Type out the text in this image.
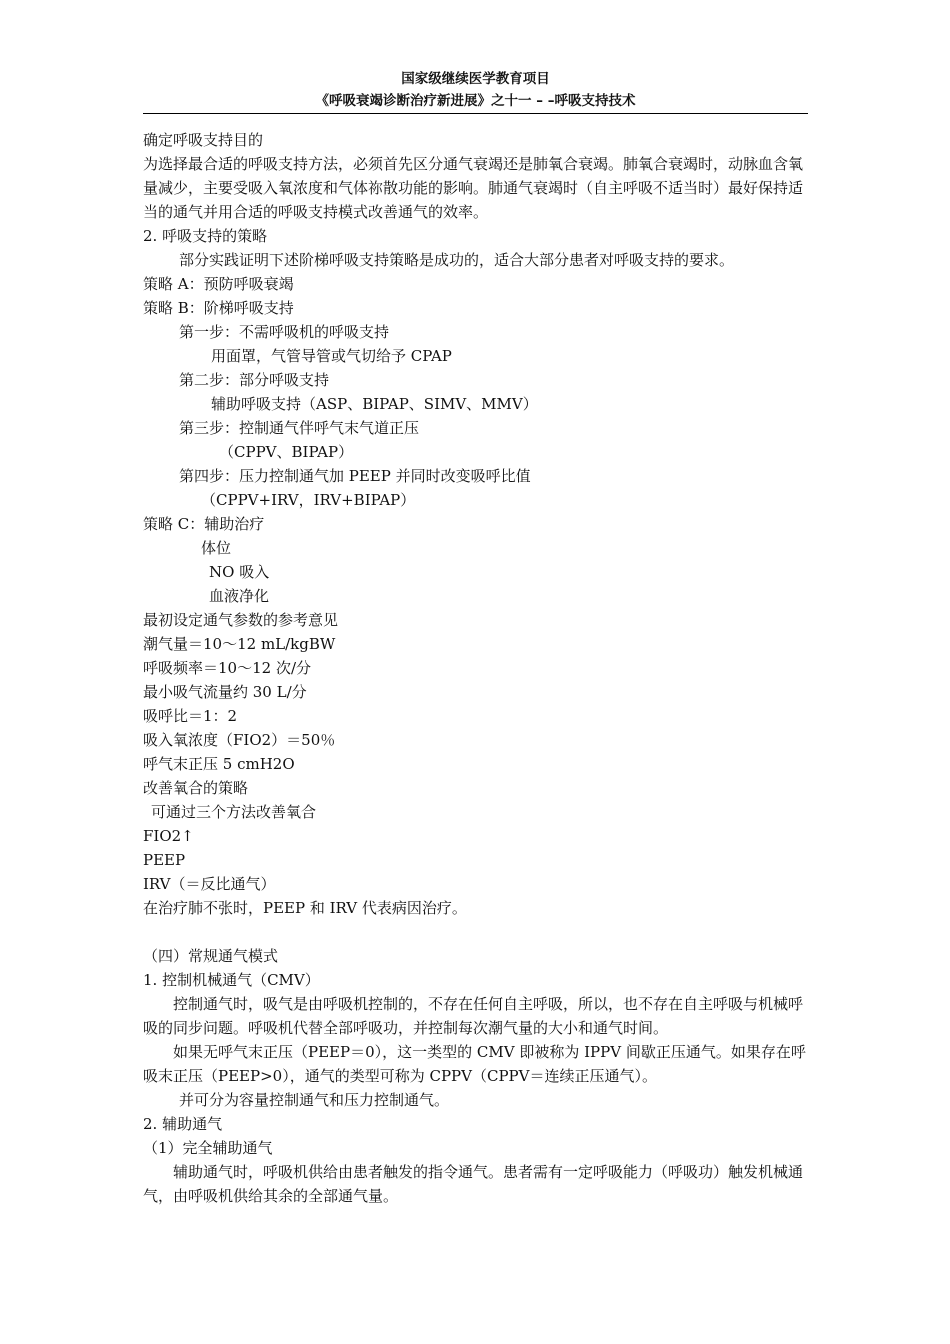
国家级继续医学教育项目
《呼吸衰竭诊断治疗新进展》之十一 – –呼吸支持技术
确定呼吸支持目的
为选择最合适的呼吸支持方法，必须首先区分通气衰竭还是肺氧合衰竭。肺氧合衰竭时，动脉血含氧量减少，主要受吸入氧浓度和气体祢散功能的影响。肺通气衰竭时（自主呼吸不适当时）最好保持适当的通气并用合适的呼吸支持模式改善通气的效率。
2. 呼吸支持的策略
部分实践证明下述阶梯呼吸支持策略是成功的，适合大部分患者对呼吸支持的要求。
策略 A：预防呼吸衰竭
策略 B：阶梯呼吸支持
第一步：不需呼吸机的呼吸支持
用面罩，气管导管或气切给予 CPAP
第二步：部分呼吸支持
辅助呼吸支持（ASP、BIPAP、SIMV、MMV）
第三步：控制通气伴呼气末气道正压
（CPPV、BIPAP）
第四步：压力控制通气加 PEEP 并同时改变吸呼比值
（CPPV+IRV，IRV+BIPAP）
策略 C：辅助治疗
体位
NO 吸入
血液净化
最初设定通气参数的参考意见
潮气量＝10～12 mL/kgBW
呼吸频率＝10～12 次/分
最小吸气流量约 30 L/分
吸呼比＝1：2
吸入氧浓度（FIO2）＝50％
呼气末正压 5 cmH2O
改善氧合的策略
可通过三个方法改善氧合
FIO2↑
PEEP
IRV（＝反比通气）
在治疗肺不张时，PEEP 和 IRV 代表病因治疗。
（四）常规通气模式
1. 控制机械通气（CMV）
控制通气时，吸气是由呼吸机控制的，不存在任何自主呼吸，所以，也不存在自主呼吸与机械呼吸的同步问题。呼吸机代替全部呼吸功，并控制每次潮气量的大小和通气时间。
如果无呼气末正压（PEEP＝0），这一类型的 CMV 即被称为 IPPV 间歇正压通气。如果存在呼吸末正压（PEEP>0），通气的类型可称为 CPPV（CPPV＝连续正压通气）。
并可分为容量控制通气和压力控制通气。
2. 辅助通气
（1）完全辅助通气
辅助通气时，呼吸机供给由患者触发的指令通气。患者需有一定呼吸能力（呼吸功）触发机械通气，由呼吸机供给其余的全部通气量。
